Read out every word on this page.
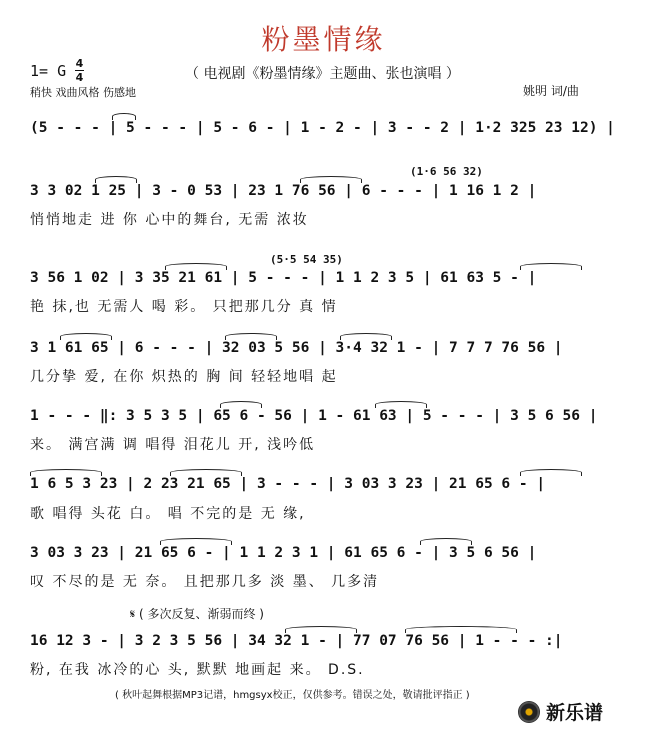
粉墨情缘
1= G 4
4	（ 电视剧《粉墨情缘》主题曲、张也演唱 ）
稍快 戏曲风格 伤感地	姚明 词/曲
(5 - - - | 5 - - - | 5 - 6 - | 1 - 2 - | 3 - - 2 | 1·2 325 23 12) |
(1·6 56 32)
3 3 02 1 25 | 3 - 0 53 | 23 1 76 56 | 6 - - - | 1 16 1 2 |
悄悄地走 进 你 心中的舞台, 无需 浓妆
(5·5 54 35)
3 56 1 02 | 3 35 21 61 | 5 - - - | 1 1 2 3 5 | 61 63 5 - |
艳 抹,也 无需人 喝 彩。 只把那几分 真 情
3 1 61 65 | 6 - - - | 32 03 5 56 | 3·4 32 1 - | 7 7 7 76 56 |
几分挚 爱, 在你 炽热的 胸 间 轻轻地唱 起
1 - - - ‖: 3 5 3 5 | 65 6 - 56 | 1 - 61 63 | 5 - - - | 3 5 6 56 |
来。 满宫满 调 唱得 泪花儿 开, 浅吟低
1 6 5 3 23 | 2 23 21 65 | 3 - - - | 3 03 3 23 | 21 65 6 - |
歌 唱得 头花 白。 唱 不完的是 无 缘,
3 03 3 23 | 21 65 6 - | 1 1 2 3 1 | 61 65 6 - | 3 5 6 56 |
叹 不尽的是 无 奈。 且把那几多 淡 墨、 几多清
𝄋 ( 多次反复、渐弱而终 )
16 12 3 - | 3 2 3 5 56 | 34 32 1 - | 77 07 76 56 | 1 - - - :|
粉, 在我 冰冷的心 头, 默默 地画起 来。 D.S.
( 秋叶起舞根据MP3记谱，hmgsyx校正，仅供参考。错误之处，敬请批评指正 )
新乐谱
